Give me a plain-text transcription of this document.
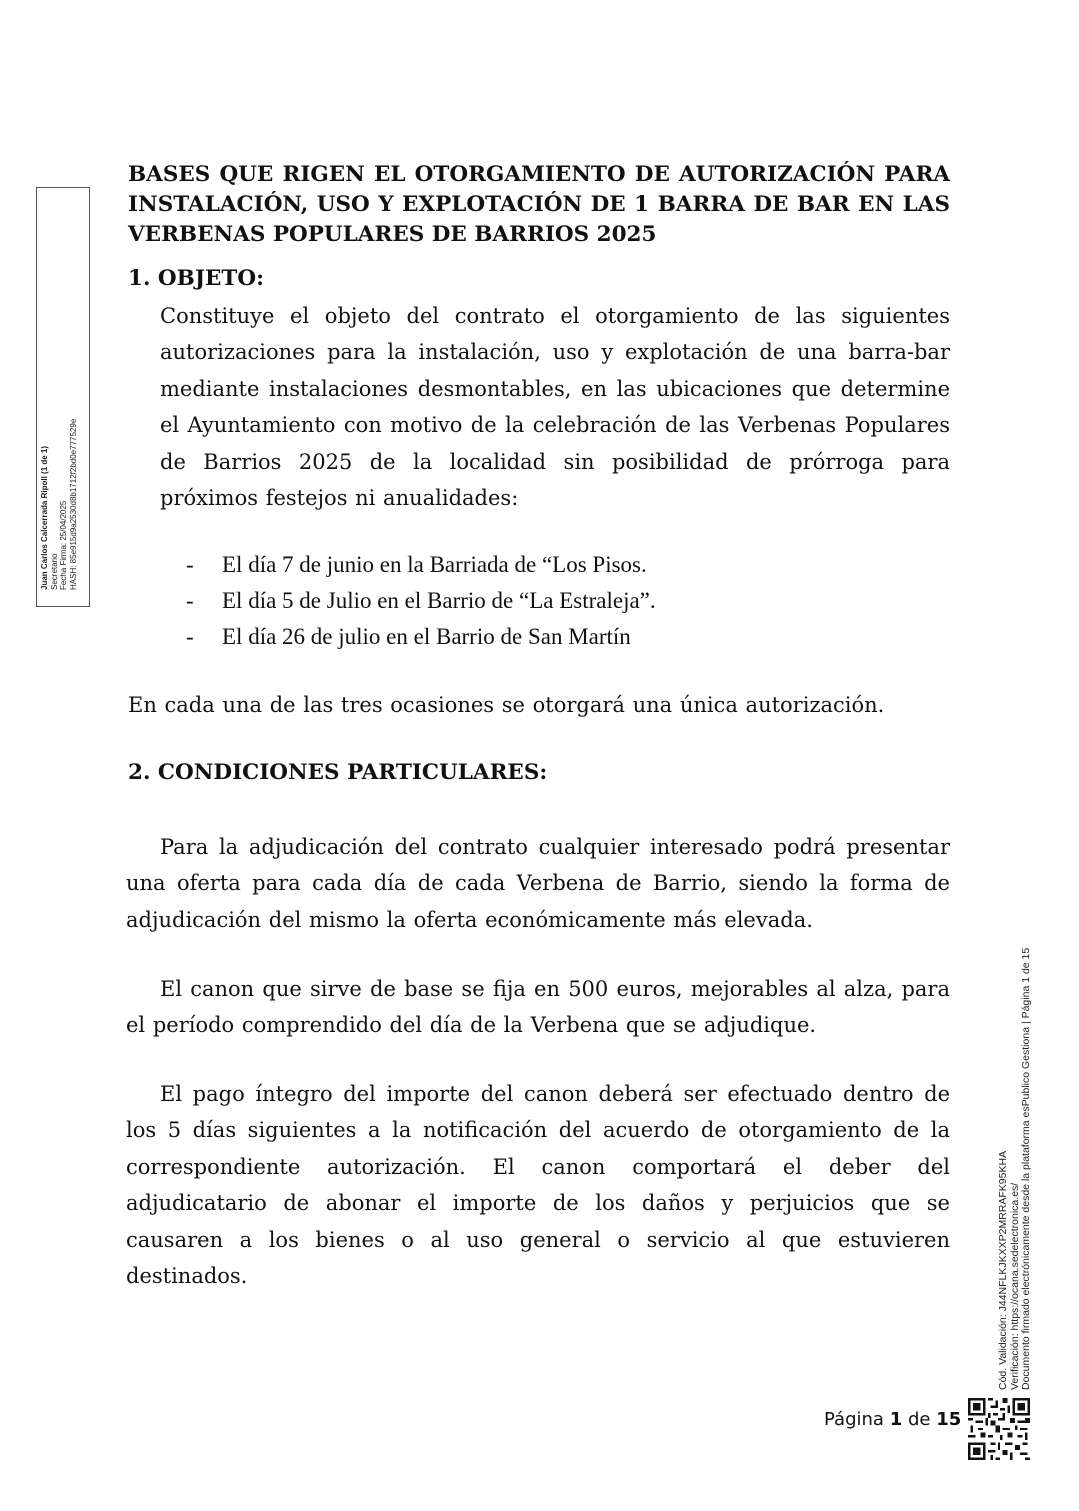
Juan Carlos Calcerrada Ripoll (1 de 1) Secretario Fecha Firma: 25/04/2025 HASH: 85e915d9a2530d8b1712f2bd0e777529e
BASES QUE RIGEN EL OTORGAMIENTO DE AUTORIZACIÓN PARA INSTALACIÓN, USO Y EXPLOTACIÓN DE 1 BARRA DE BAR EN LAS VERBENAS POPULARES DE BARRIOS 2025
1. OBJETO:

Constituye el objeto del contrato el otorgamiento de las siguientes autorizaciones para la instalación, uso y explotación de una barra-bar mediante instalaciones desmontables, en las ubicaciones que determine el Ayuntamiento con motivo de la celebración de las Verbenas Populares de Barrios 2025 de la localidad sin posibilidad de prórroga para próximos festejos ni anualidades:

-	El día 7 de junio en la Barriada de “Los Pisos.
-	El día 5 de Julio en el Barrio de “La Estraleja”.
-	El día 26 de julio en el Barrio de San Martín

En cada una de las tres ocasiones se otorgará una única autorización.

2. CONDICIONES PARTICULARES:

Para la adjudicación del contrato cualquier interesado podrá presentar una oferta para cada día de cada Verbena de Barrio, siendo la forma de adjudicación del mismo la oferta económicamente más elevada.

El canon que sirve de base se fija en 500 euros, mejorables al alza, para el período comprendido del día de la Verbena que se adjudique.

El pago íntegro del importe del canon deberá ser efectuado dentro de los 5 días siguientes a la notificación del acuerdo de otorgamiento de la correspondiente autorización. El canon comportará el deber del adjudicatario de abonar el importe de los daños y perjuicios que se causaren a los bienes o al uso general o servicio al que estuvieren destinados.	Cód. Validación: J44NFLKJKXXP2MRRAFK95KHA Verificación: https://ocana.sedelectronica.es/ Documento firmado electrónicamente desde la plataforma esPublico Gestiona | Página 1 de 15
Página 1 de 15
